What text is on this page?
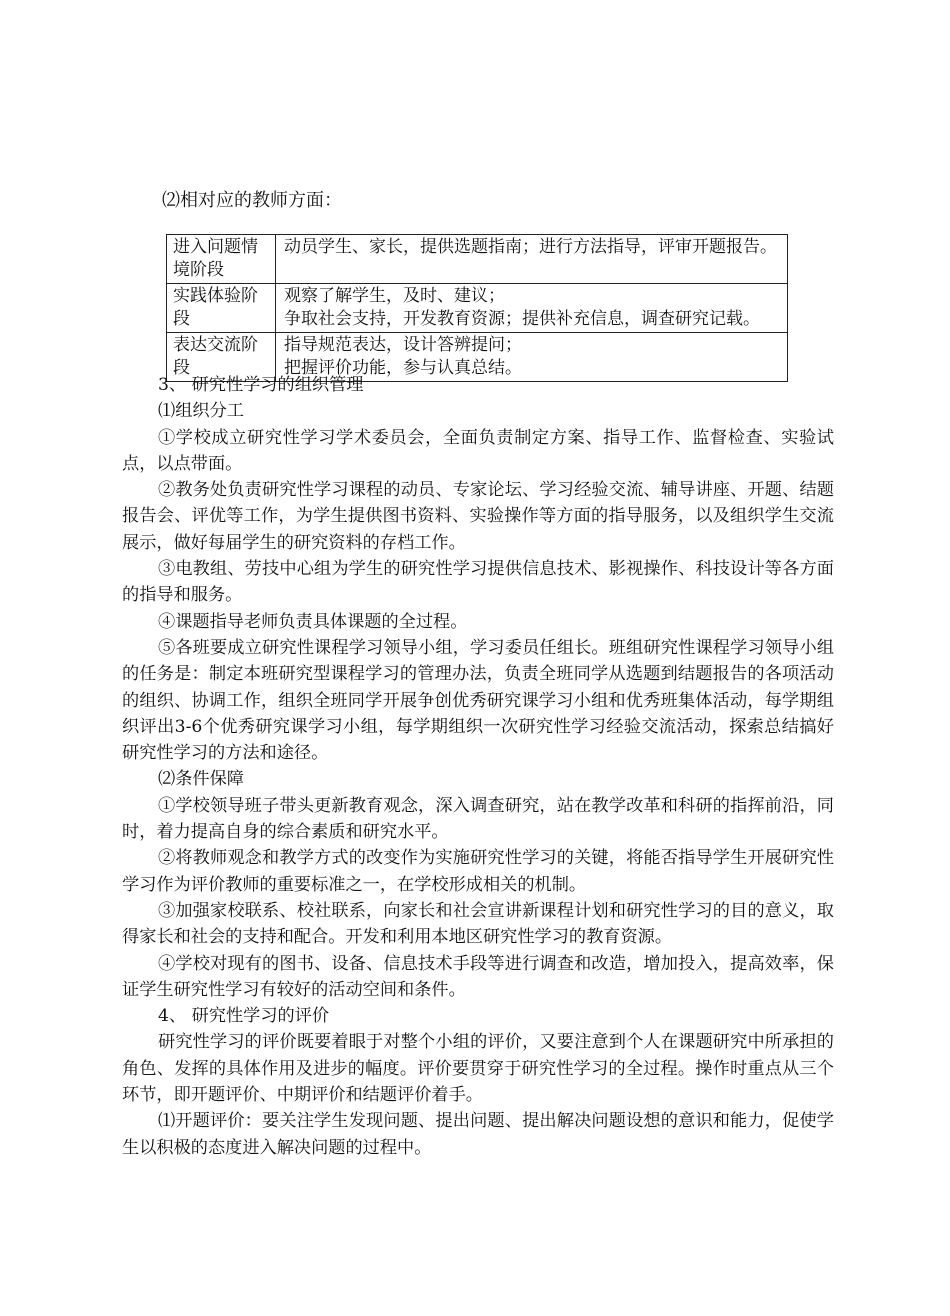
⑵相对应的教师方面：
进入问题情境阶段	动员学生、家长，提供选题指南；进行方法指导，评审开题报告。

实践体验阶段	观察了解学生，及时、建议；
争取社会支持，开发教育资源；提供补充信息，调查研究记载。

表达交流阶段	指导规范表达，设计答辨提问；
把握评价功能，参与认真总结。

3、 研究性学习的组织管理

⑴组织分工

①学校成立研究性学习学术委员会，全面负责制定方案、指导工作、监督检查、实验试点，以点带面。

②教务处负责研究性学习课程的动员、专家论坛、学习经验交流、辅导讲座、开题、结题报告会、评优等工作，为学生提供图书资料、实验操作等方面的指导服务，以及组织学生交流展示，做好每届学生的研究资料的存档工作。

③电教组、劳技中心组为学生的研究性学习提供信息技术、影视操作、科技设计等各方面的指导和服务。

④课题指导老师负责具体课题的全过程。

⑤各班要成立研究性课程学习领导小组，学习委员任组长。班组研究性课程学习领导小组的任务是：制定本班研究型课程学习的管理办法，负责全班同学从选题到结题报告的各项活动的组织、协调工作，组织全班同学开展争创优秀研究课学习小组和优秀班集体活动，每学期组织评出3-6个优秀研究课学习小组，每学期组织一次研究性学习经验交流活动，探索总结搞好研究性学习的方法和途径。

⑵条件保障

①学校领导班子带头更新教育观念，深入调查研究，站在教学改革和科研的指挥前沿，同时，着力提高自身的综合素质和研究水平。

②将教师观念和教学方式的改变作为实施研究性学习的关键，将能否指导学生开展研究性学习作为评价教师的重要标准之一，在学校形成相关的机制。

③加强家校联系、校社联系，向家长和社会宣讲新课程计划和研究性学习的目的意义，取得家长和社会的支持和配合。开发和利用本地区研究性学习的教育资源。

④学校对现有的图书、设备、信息技术手段等进行调查和改造，增加投入，提高效率，保证学生研究性学习有较好的活动空间和条件。

4、 研究性学习的评价

研究性学习的评价既要着眼于对整个小组的评价，又要注意到个人在课题研究中所承担的角色、发挥的具体作用及进步的幅度。评价要贯穿于研究性学习的全过程。操作时重点从三个环节，即开题评价、中期评价和结题评价着手。

⑴开题评价：要关注学生发现问题、提出问题、提出解决问题设想的意识和能力，促使学生以积极的态度进入解决问题的过程中。
